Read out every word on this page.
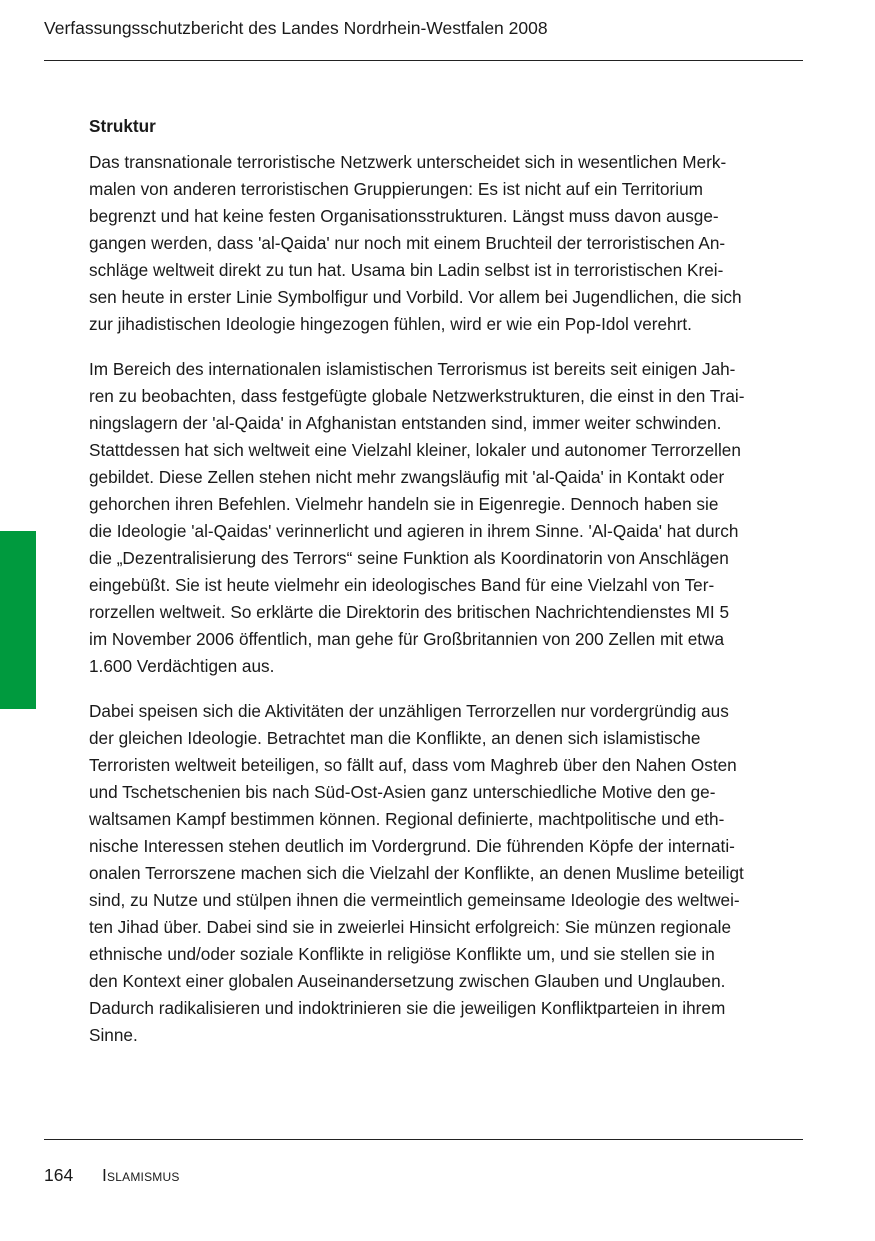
Verfassungsschutzbericht des Landes Nordrhein-Westfalen 2008
Struktur
Das transnationale terroristische Netzwerk unterscheidet sich in wesentlichen Merk-
malen von anderen terroristischen Gruppierungen: Es ist nicht auf ein Territorium
begrenzt und hat keine festen Organisationsstrukturen. Längst muss davon ausge-
gangen werden, dass 'al-Qaida' nur noch mit einem Bruchteil der terroristischen An-
schläge weltweit direkt zu tun hat. Usama bin Ladin selbst ist in terroristischen Krei-
sen heute in erster Linie Symbolfigur und Vorbild. Vor allem bei Jugendlichen, die sich
zur jihadistischen Ideologie hingezogen fühlen, wird er wie ein Pop-Idol verehrt.
Im Bereich des internationalen islamistischen Terrorismus ist bereits seit einigen Jah-
ren zu beobachten, dass festgefügte globale Netzwerkstrukturen, die einst in den Trai-
ningslagern der 'al-Qaida' in Afghanistan entstanden sind, immer weiter schwinden.
Stattdessen hat sich weltweit eine Vielzahl kleiner, lokaler und autonomer Terrorzellen
gebildet. Diese Zellen stehen nicht mehr zwangsläufig mit 'al-Qaida' in Kontakt oder
gehorchen ihren Befehlen. Vielmehr handeln sie in Eigenregie. Dennoch haben sie
die Ideologie 'al-Qaidas' verinnerlicht und agieren in ihrem Sinne. 'Al-Qaida' hat durch
die „Dezentralisierung des Terrors“ seine Funktion als Koordinatorin von Anschlägen
eingebüßt. Sie ist heute vielmehr ein ideologisches Band für eine Vielzahl von Ter-
rorzellen weltweit. So erklärte die Direktorin des britischen Nachrichtendienstes MI 5
im November 2006 öffentlich, man gehe für Großbritannien von 200 Zellen mit etwa
1.600 Verdächtigen aus.
Dabei speisen sich die Aktivitäten der unzähligen Terrorzellen nur vordergründig aus
der gleichen Ideologie. Betrachtet man die Konflikte, an denen sich islamistische
Terroristen weltweit beteiligen, so fällt auf, dass vom Maghreb über den Nahen Osten
und Tschetschenien bis nach Süd-Ost-Asien ganz unterschiedliche Motive den ge-
waltsamen Kampf bestimmen können. Regional definierte, machtpolitische und eth-
nische Interessen stehen deutlich im Vordergrund. Die führenden Köpfe der internati-
onalen Terrorszene machen sich die Vielzahl der Konflikte, an denen Muslime beteiligt
sind, zu Nutze und stülpen ihnen die vermeintlich gemeinsame Ideologie des weltwei-
ten Jihad über. Dabei sind sie in zweierlei Hinsicht erfolgreich: Sie münzen regionale
ethnische und/oder soziale Konflikte in religiöse Konflikte um, und sie stellen sie in
den Kontext einer globalen Auseinandersetzung zwischen Glauben und Unglauben.
Dadurch radikalisieren und indoktrinieren sie die jeweiligen Konfliktparteien in ihrem
Sinne.
164 Islamismus
